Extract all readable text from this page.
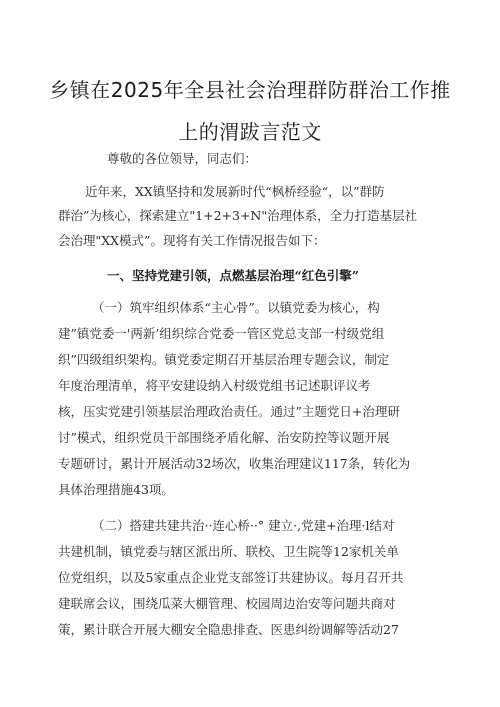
乡镇在2025年全县社会治理群防群治工作推
上的渭跋言范文
尊敬的各位领导，同志们：
近年来，XX镇坚持和发展新时代“枫桥经验“，以”群防
群治”为核心，探索建立"1+2+3+N"治理体系，全力打造基层社
会治理"XX模式”。现将有关工作情况报告如下：
一、坚持党建引领，点燃基层治理“红色引擎”
（一）筑牢组织体系“主心骨”。以镇党委为核心，构
建”镇党委一'两新’组织综合党委一管区党总支部一村级党组
织”四级组织架构。镇党委定期召开基层治理专题会议，制定
年度治理清单，将平安建设纳入村级党组书记述职评议考
核，压实党建引领基层治理政治责任。通过”主题党日+治理研
讨”模式，组织党员干部围绕矛盾化解、治安防控等议题开展
专题研讨，累计开展活动32场次，收集治理建议117条，转化为
具体治理措施43项。
（二）搭建共建共治··连心桥··° 建立·,党建+治理·l结对
共建机制，镇党委与辖区派出所、联校、卫生院等12家机关单
位党组织，以及5家重点企业党支部签订共建协议。每月召开共
建联席会议，围绕瓜菜大棚管理、校园周边治安等问题共商对
策，累计联合开展大棚安全隐患排查、医患纠纷调解等活动27
